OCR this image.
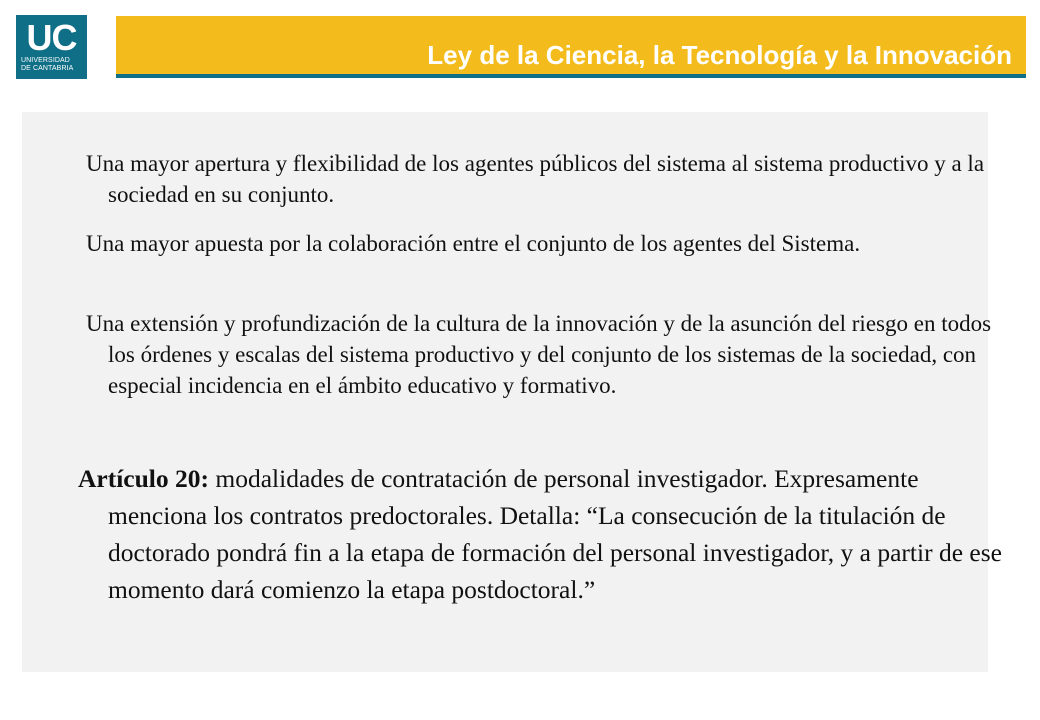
UC
UNIVERSIDAD
DE CANTABRIA	Ley de la Ciencia, la Tecnología y la Innovación
Una mayor apertura y flexibilidad de los agentes públicos del sistema al sistema productivo y a la sociedad en su conjunto.
Una mayor apuesta por la colaboración entre el conjunto de los agentes del Sistema.
Una extensión y profundización de la cultura de la innovación y de la asunción del riesgo en todos los órdenes y escalas del sistema productivo y del conjunto de los sistemas de la sociedad, con especial incidencia en el ámbito educativo y formativo.
Artículo 20: modalidades de contratación de personal investigador. Expresamente menciona los contratos predoctorales. Detalla: “La consecución de la titulación de doctorado pondrá fin a la etapa de formación del personal investigador, y a partir de ese momento dará comienzo la etapa postdoctoral.”
